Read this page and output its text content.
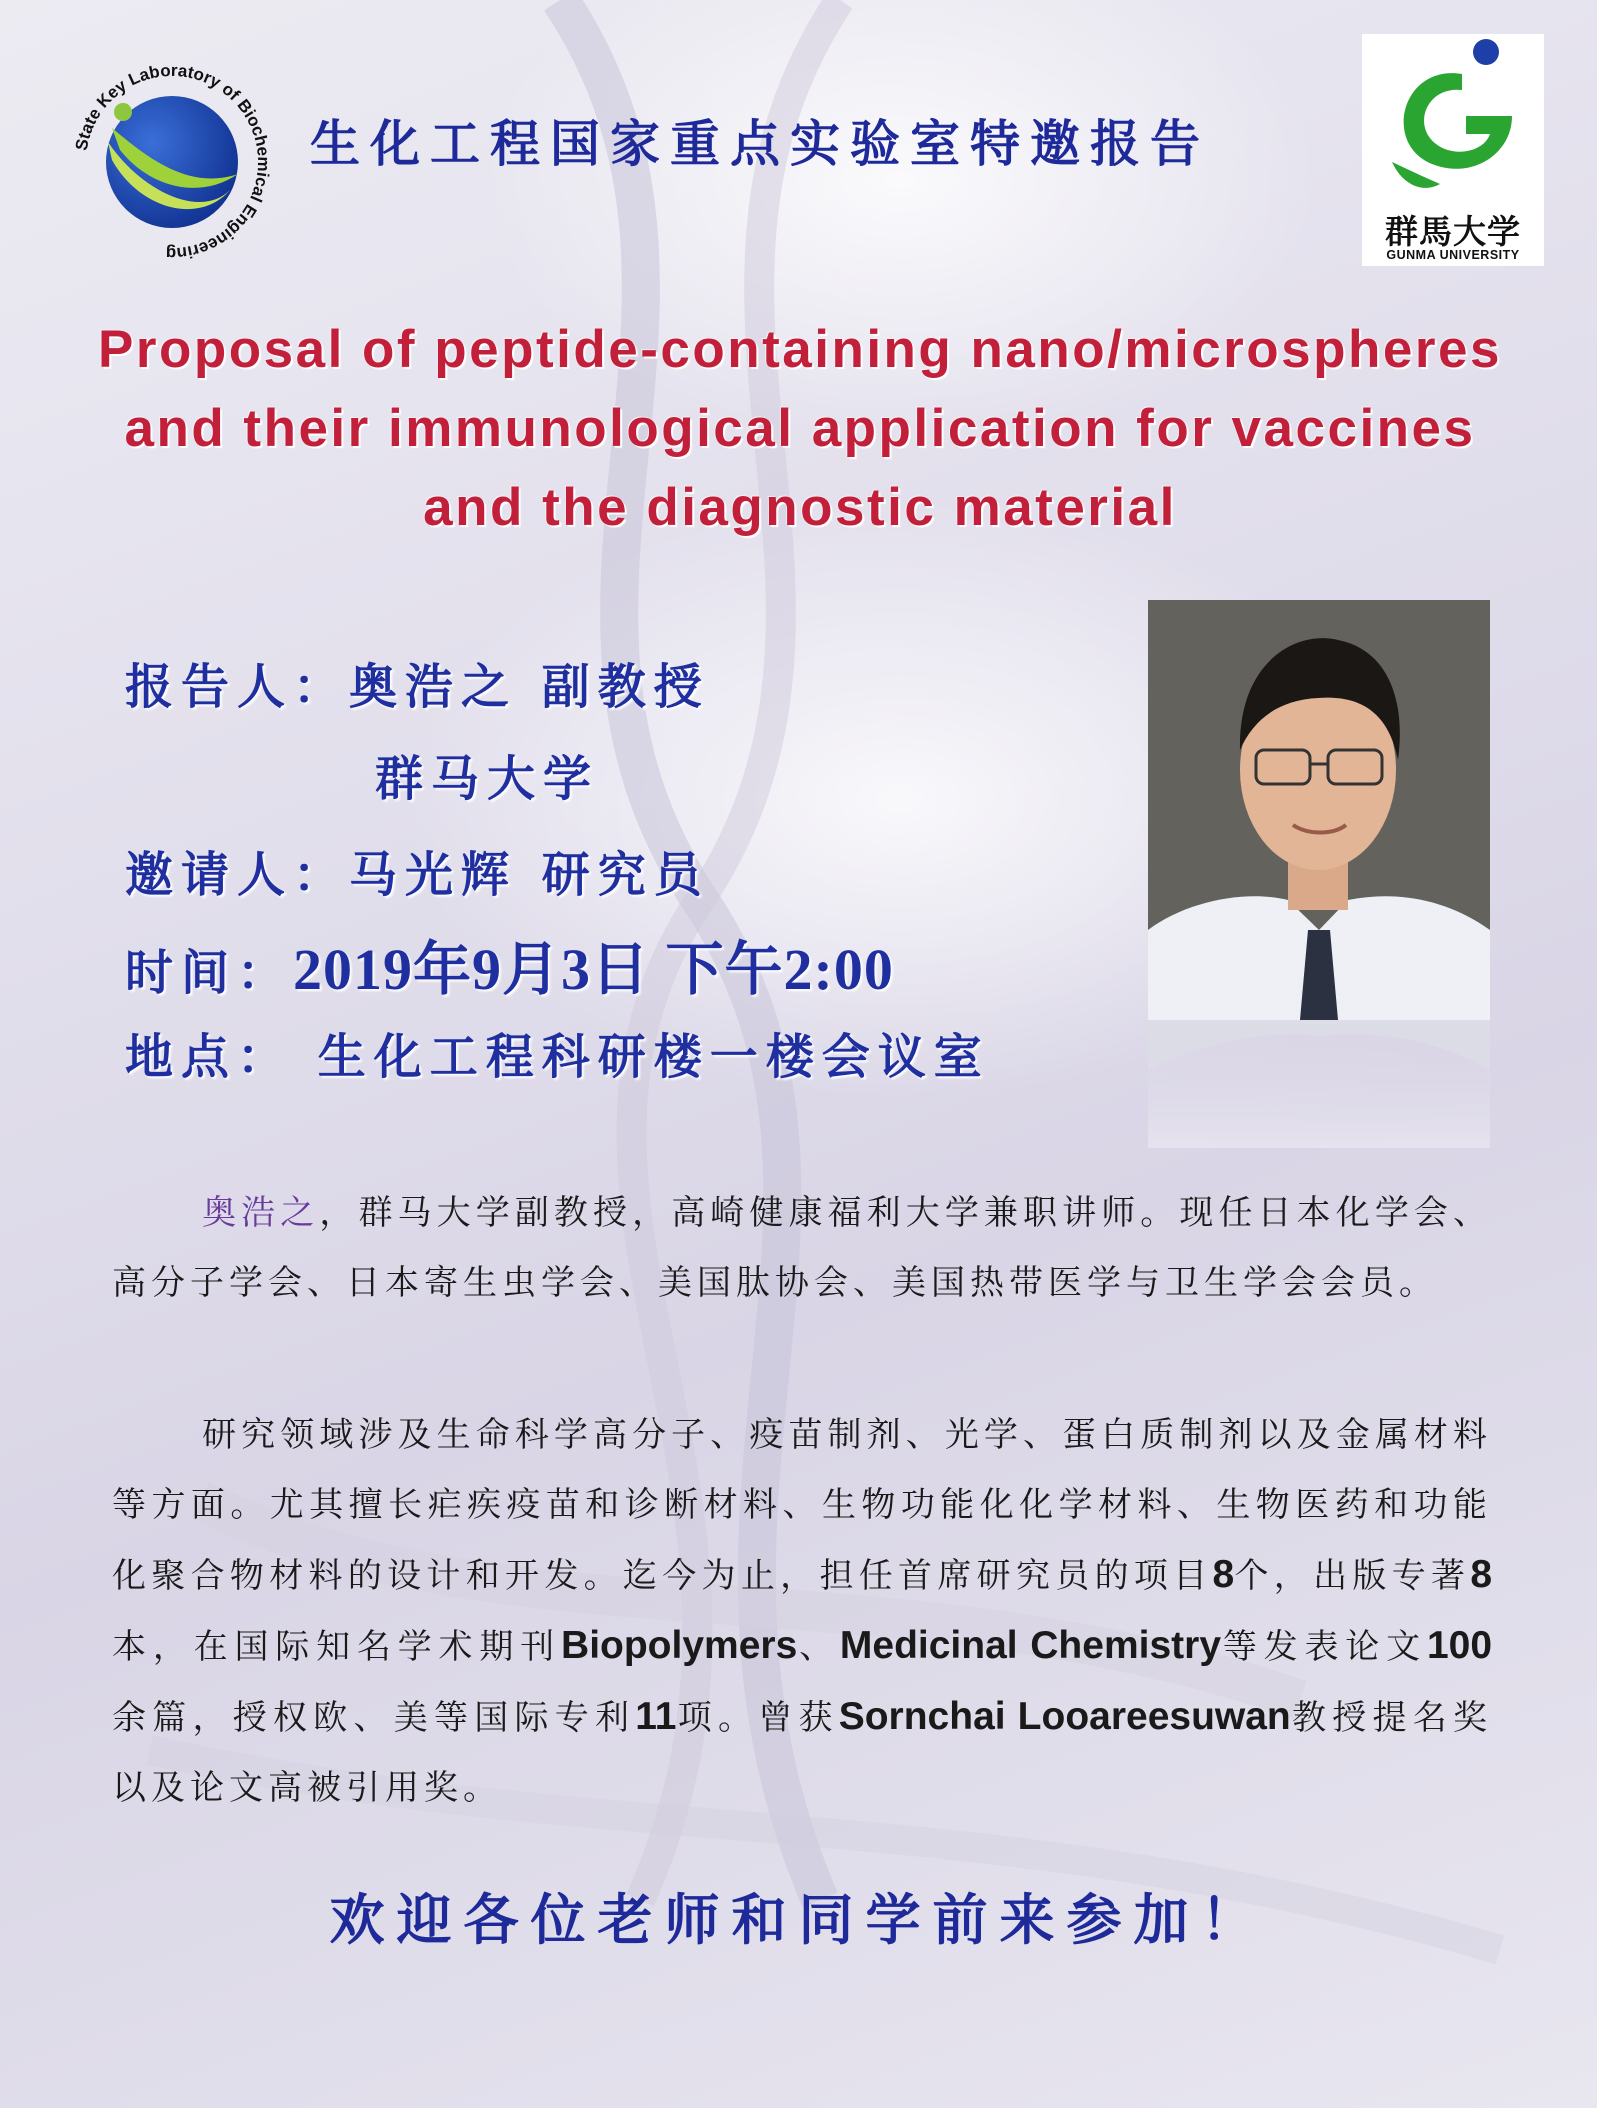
State Key Laboratory of Biochemical Engineering
生化工程国家重点实验室特邀报告
群馬大学
GUNMA UNIVERSITY
Proposal of peptide-containing nano/microspheres
and their immunological application for vaccines
and the diagnostic material
报告人：奥浩之 副教授
群马大学
邀请人：马光辉 研究员
时间：2019年9月3日 下午2:00
地点： 生化工程科研楼一楼会议室
奥浩之，群马大学副教授，高崎健康福利大学兼职讲师。现任日本化学会、高分子学会、日本寄生虫学会、美国肽协会、美国热带医学与卫生学会会员。
研究领域涉及生命科学高分子、疫苗制剂、光学、蛋白质制剂以及金属材料等方面。尤其擅长疟疾疫苗和诊断材料、生物功能化化学材料、生物医药和功能化聚合物材料的设计和开发。迄今为止，担任首席研究员的项目8个，出版专著8本，在国际知名学术期刊Biopolymers、Medicinal Chemistry等发表论文100余篇，授权欧、美等国际专利11项。曾获Sornchai Looareesuwan教授提名奖以及论文高被引用奖。
欢迎各位老师和同学前来参加！
